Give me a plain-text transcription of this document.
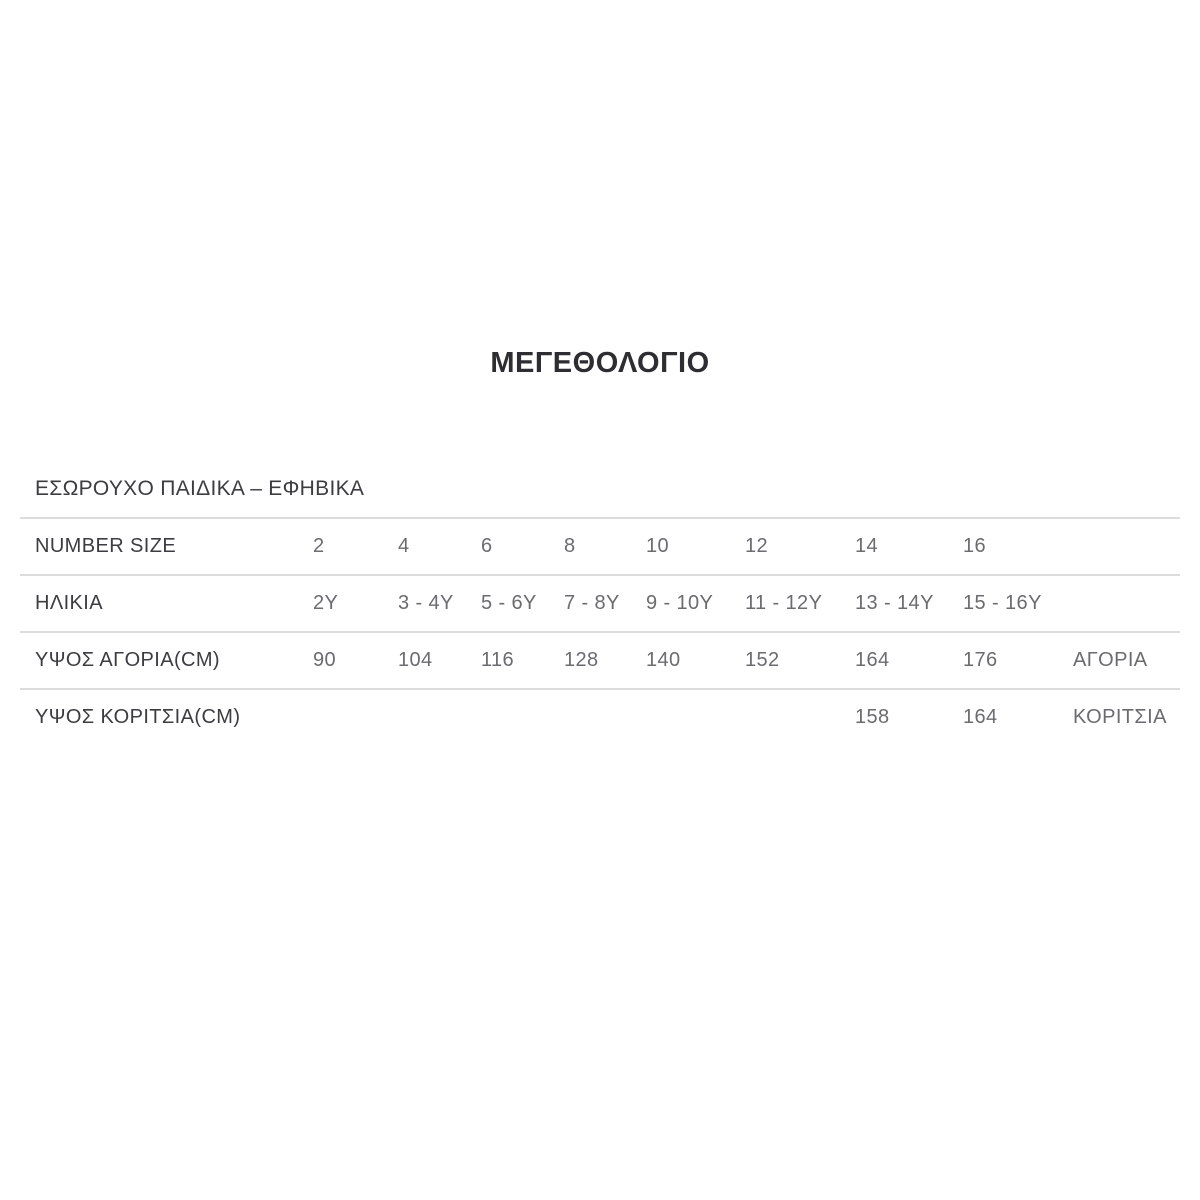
ΜΕΓΕΘΟΛΟΓΙΟ
ΕΣΩΡΟΥΧΟ ΠΑΙΔΙΚΑ – ΕΦΗΒΙΚΑ
NUMBER SIZE	2	4	6	8	10	12	14	16	
ΗΛΙΚΙΑ	2Y	3 - 4Y	5 - 6Y	7 - 8Y	9 - 10Y	11 - 12Y	13 - 14Y	15 - 16Y	
ΥΨΟΣ ΑΓΟΡΙΑ(CM)	90	104	116	128	140	152	164	176	ΑΓΟΡΙΑ
ΥΨΟΣ ΚΟΡΙΤΣΙΑ(CM)							158	164	ΚΟΡΙΤΣΙΑ
